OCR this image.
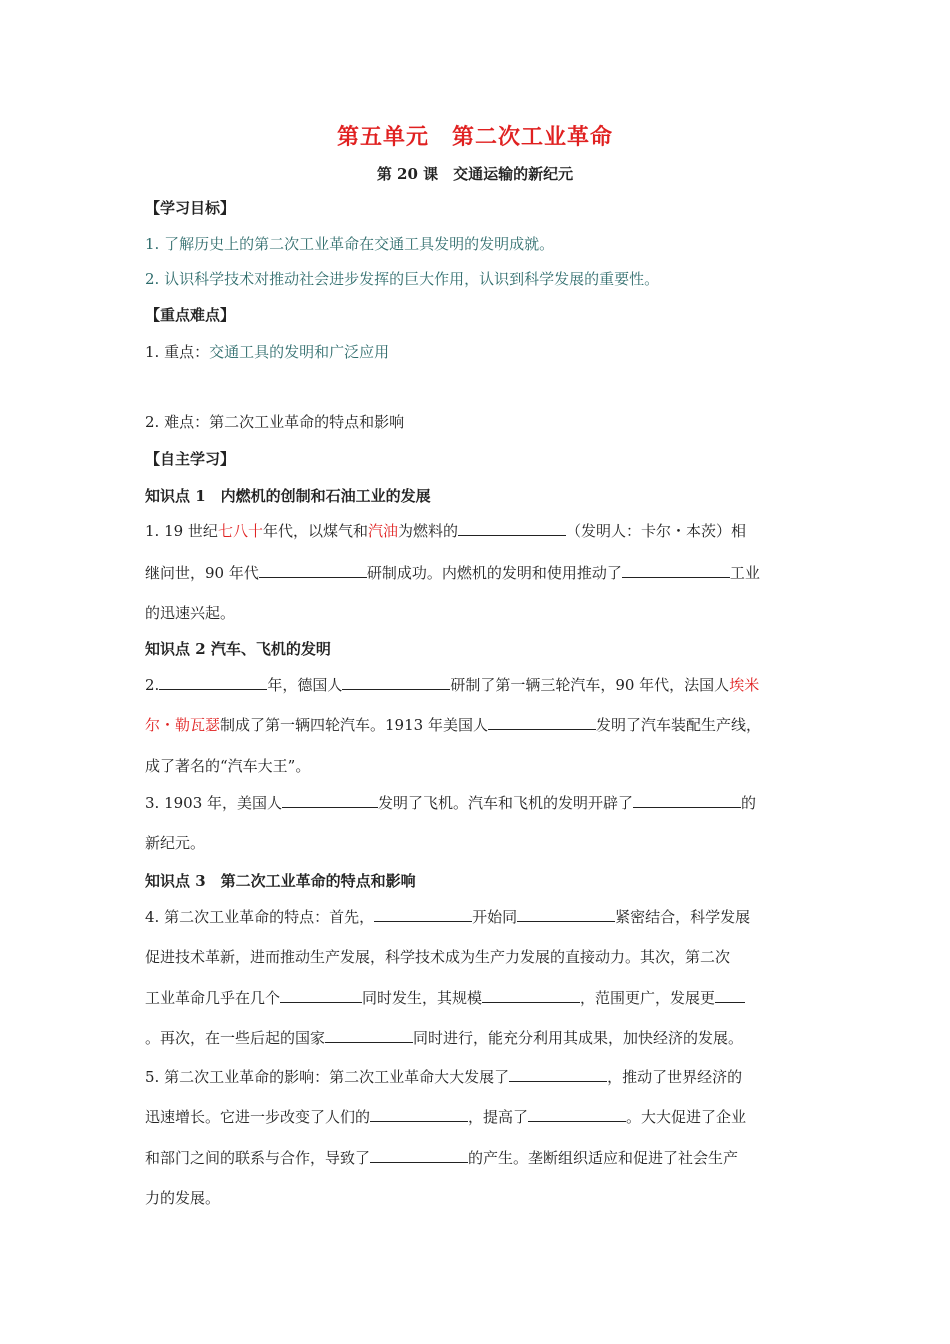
第五单元　第二次工业革命
第 20 课　交通运输的新纪元
【学习目标】
1. 了解历史上的第二次工业革命在交通工具发明的发明成就。
2. 认识科学技术对推动社会进步发挥的巨大作用，认识到科学发展的重要性。
【重点难点】
1. 重点：交通工具的发明和广泛应用
2. 难点：第二次工业革命的特点和影响
【自主学习】
知识点 1　内燃机的创制和石油工业的发展
1. 19 世纪七八十年代，以煤气和汽油为燃料的	（发明人：卡尔・本茨）相
继问世，90 年代	研制成功。内燃机的发明和使用推动了	工业
的迅速兴起。
知识点 2 汽车、飞机的发明
2.	年，德国人	研制了第一辆三轮汽车，90 年代，法国人埃米
尔・勒瓦瑟制成了第一辆四轮汽车。1913 年美国人	发明了汽车装配生产线，
成了著名的“汽车大王”。
3. 1903 年，美国人	发明了飞机。汽车和飞机的发明开辟了	的
新纪元。
知识点 3　第二次工业革命的特点和影响
4. 第二次工业革命的特点：首先，	开始同	紧密结合，科学发展
促进技术革新，进而推动生产发展，科学技术成为生产力发展的直接动力。其次，第二次
工业革命几乎在几个	同时发生，其规模	，范围更广，发展更
。再次，在一些后起的国家	同时进行，能充分利用其成果，加快经济的发展。
5. 第二次工业革命的影响：第二次工业革命大大发展了	，推动了世界经济的
迅速增长。它进一步改变了人们的	，提高了	。大大促进了企业
和部门之间的联系与合作，导致了	的产生。垄断组织适应和促进了社会生产
力的发展。
